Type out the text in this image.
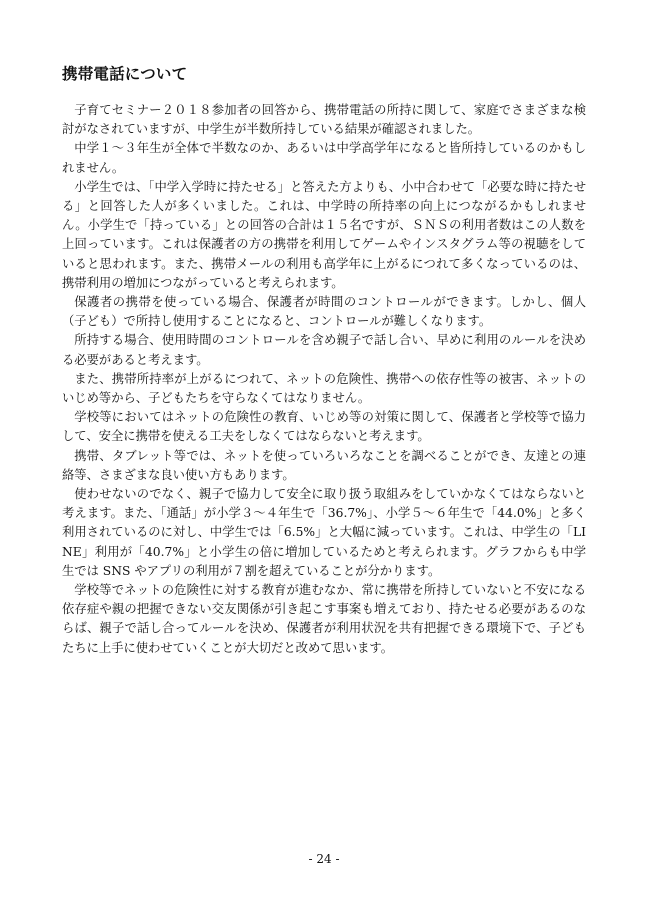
携帯電話について

子育てセミナー２０１８参加者の回答から、携帯電話の所持に関して、家庭でさまざまな検討がなされていますが、中学生が半数所持している結果が確認されました。

中学１～３年生が全体で半数なのか、あるいは中学高学年になると皆所持しているのかもしれません。

小学生では、「中学入学時に持たせる」と答えた方よりも、小中合わせて「必要な時に持たせる」と回答した人が多くいました。これは、中学時の所持率の向上につながるかもしれません。小学生で「持っている」との回答の合計は１５名ですが、ＳＮＳの利用者数はこの人数を上回っています。これは保護者の方の携帯を利用してゲームやインスタグラム等の視聴をしていると思われます。また、携帯メールの利用も高学年に上がるにつれて多くなっているのは、携帯利用の増加につながっていると考えられます。

保護者の携帯を使っている場合、保護者が時間のコントロールができます。しかし、個人（子ども）で所持し使用することになると、コントロールが難しくなります。

所持する場合、使用時間のコントロールを含め親子で話し合い、早めに利用のルールを決める必要があると考えます。

また、携帯所持率が上がるにつれて、ネットの危険性、携帯への依存性等の被害、ネットのいじめ等から、子どもたちを守らなくてはなりません。

学校等においてはネットの危険性の教育、いじめ等の対策に関して、保護者と学校等で協力して、安全に携帯を使える工夫をしなくてはならないと考えます。

携帯、タブレット等では、ネットを使っていろいろなことを調べることができ、友達との連絡等、さまざまな良い使い方もあります。

使わせないのでなく、親子で協力して安全に取り扱う取組みをしていかなくてはならないと考えます。また、「通話」が小学３～４年生で「36.7%」、小学５～６年生で「44.0%」と多く利用されているのに対し、中学生では「6.5%」と大幅に減っています。これは、中学生の「LINE」利用が「40.7%」と小学生の倍に増加しているためと考えられます。グラフからも中学生では SNS やアプリの利用が７割を超えていることが分かります。

学校等でネットの危険性に対する教育が進むなか、常に携帯を所持していないと不安になる依存症や親の把握できない交友関係が引き起こす事案も増えており、持たせる必要があるのならば、親子で話し合ってルールを決め、保護者が利用状況を共有把握できる環境下で、子どもたちに上手に使わせていくことが大切だと改めて思います。

- 24 -
